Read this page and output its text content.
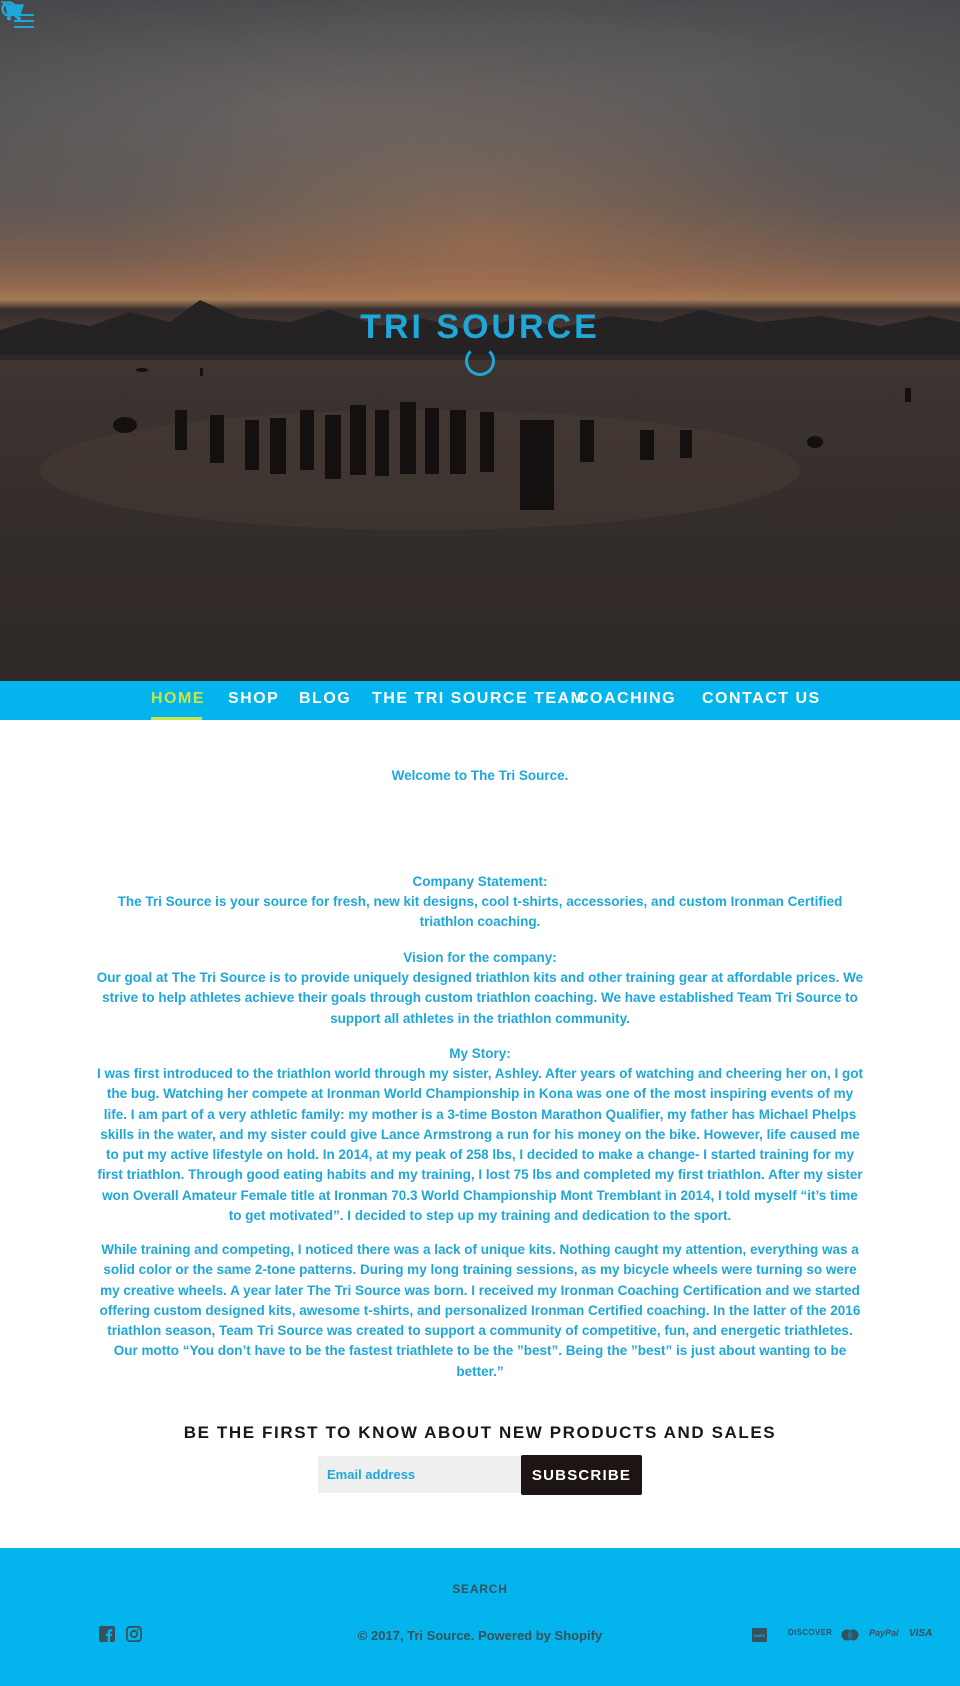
TRI SOURCE
HOME SHOP BLOG THE TRI SOURCE TEAM
COACHING CONTACT US
Welcome to The Tri Source.
Company Statement:
The Tri Source is your source for fresh, new kit designs, cool t-shirts, accessories, and custom Ironman Certified triathlon coaching.
Vision for the company:
Our goal at The Tri Source is to provide uniquely designed triathlon kits and other training gear at affordable prices. We strive to help athletes achieve their goals through custom triathlon coaching. We have established Team Tri Source to support all athletes in the triathlon community.
My Story:
I was first introduced to the triathlon world through my sister, Ashley. After years of watching and cheering her on, I got the bug. Watching her compete at Ironman World Championship in Kona was one of the most inspiring events of my life. I am part of a very athletic family: my mother is a 3-time Boston Marathon Qualifier, my father has Michael Phelps skills in the water, and my sister could give Lance Armstrong a run for his money on the bike. However, life caused me to put my active lifestyle on hold. In 2014, at my peak of 258 lbs, I decided to make a change- I started training for my first triathlon. Through good eating habits and my training, I lost 75 lbs and completed my first triathlon. After my sister won Overall Amateur Female title at Ironman 70.3 World Championship Mont Tremblant in 2014, I told myself “it’s time to get motivated”. I decided to step up my training and dedication to the sport.
While training and competing, I noticed there was a lack of unique kits. Nothing caught my attention, everything was a solid color or the same 2-tone patterns. During my long training sessions, as my bicycle wheels were turning so were my creative wheels. A year later The Tri Source was born. I received my Ironman Coaching Certification and we started offering custom designed kits, awesome t-shirts, and personalized Ironman Certified coaching. In the latter of the 2016 triathlon season, Team Tri Source was created to support a community of competitive, fun, and energetic triathletes. Our motto “You don’t have to be the fastest triathlete to be the ”best”. Being the ”best” is just about wanting to be better.”
BE THE FIRST TO KNOW ABOUT NEW PRODUCTS AND SALES
Email address
SUBSCRIBE
SEARCH
© 2017, Tri Source. Powered by Shopify	AMEX	DISCOVER	PayPal VISA
